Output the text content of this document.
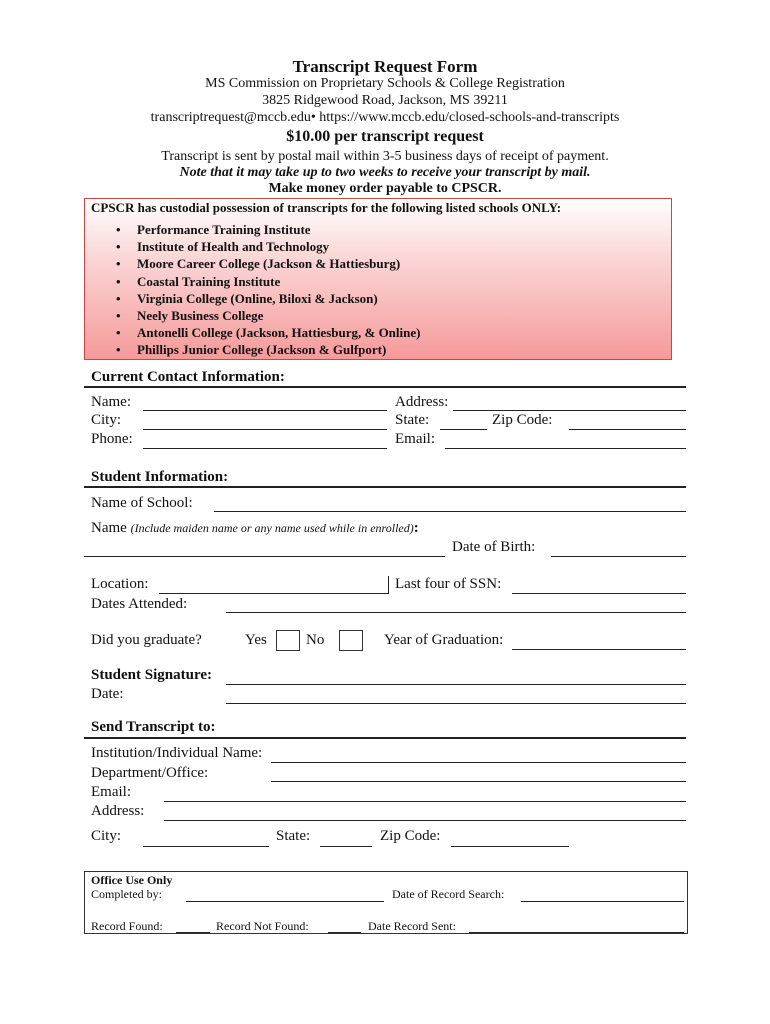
Transcript Request Form
MS Commission on Proprietary Schools & College Registration
3825 Ridgewood Road, Jackson, MS 39211
transcriptrequest@mccb.edu• https://www.mccb.edu/closed-schools-and-transcripts
$10.00 per transcript request
Transcript is sent by postal mail within 3-5 business days of receipt of payment.
Note that it may take up to two weeks to receive your transcript by mail.
Make money order payable to CPSCR.
CPSCR has custodial possession of transcripts for the following listed schools ONLY:
• Performance Training Institute
• Institute of Health and Technology
• Moore Career College (Jackson & Hattiesburg)
• Coastal Training Institute
• Virginia College (Online, Biloxi & Jackson)
• Neely Business College
• Antonelli College (Jackson, Hattiesburg, & Online)
• Phillips Junior College (Jackson & Gulfport)
Current Contact Information:
Name:	Address:
City:	State:	Zip Code:
Phone:	Email:
Student Information:
Name of School:
Name (Include maiden name or any name used while in enrolled):
Date of Birth:
Location:	Last four of SSN:
Dates Attended:
Did you graduate?	Yes	No	Year of Graduation:
Student Signature:
Date:
Send Transcript to:
Institution/Individual Name:
Department/Office:
Email:
Address:
City:	State:	Zip Code:
Office Use Only
Completed by:	Date of Record Search:
Record Found:	Record Not Found:	Date Record Sent:
